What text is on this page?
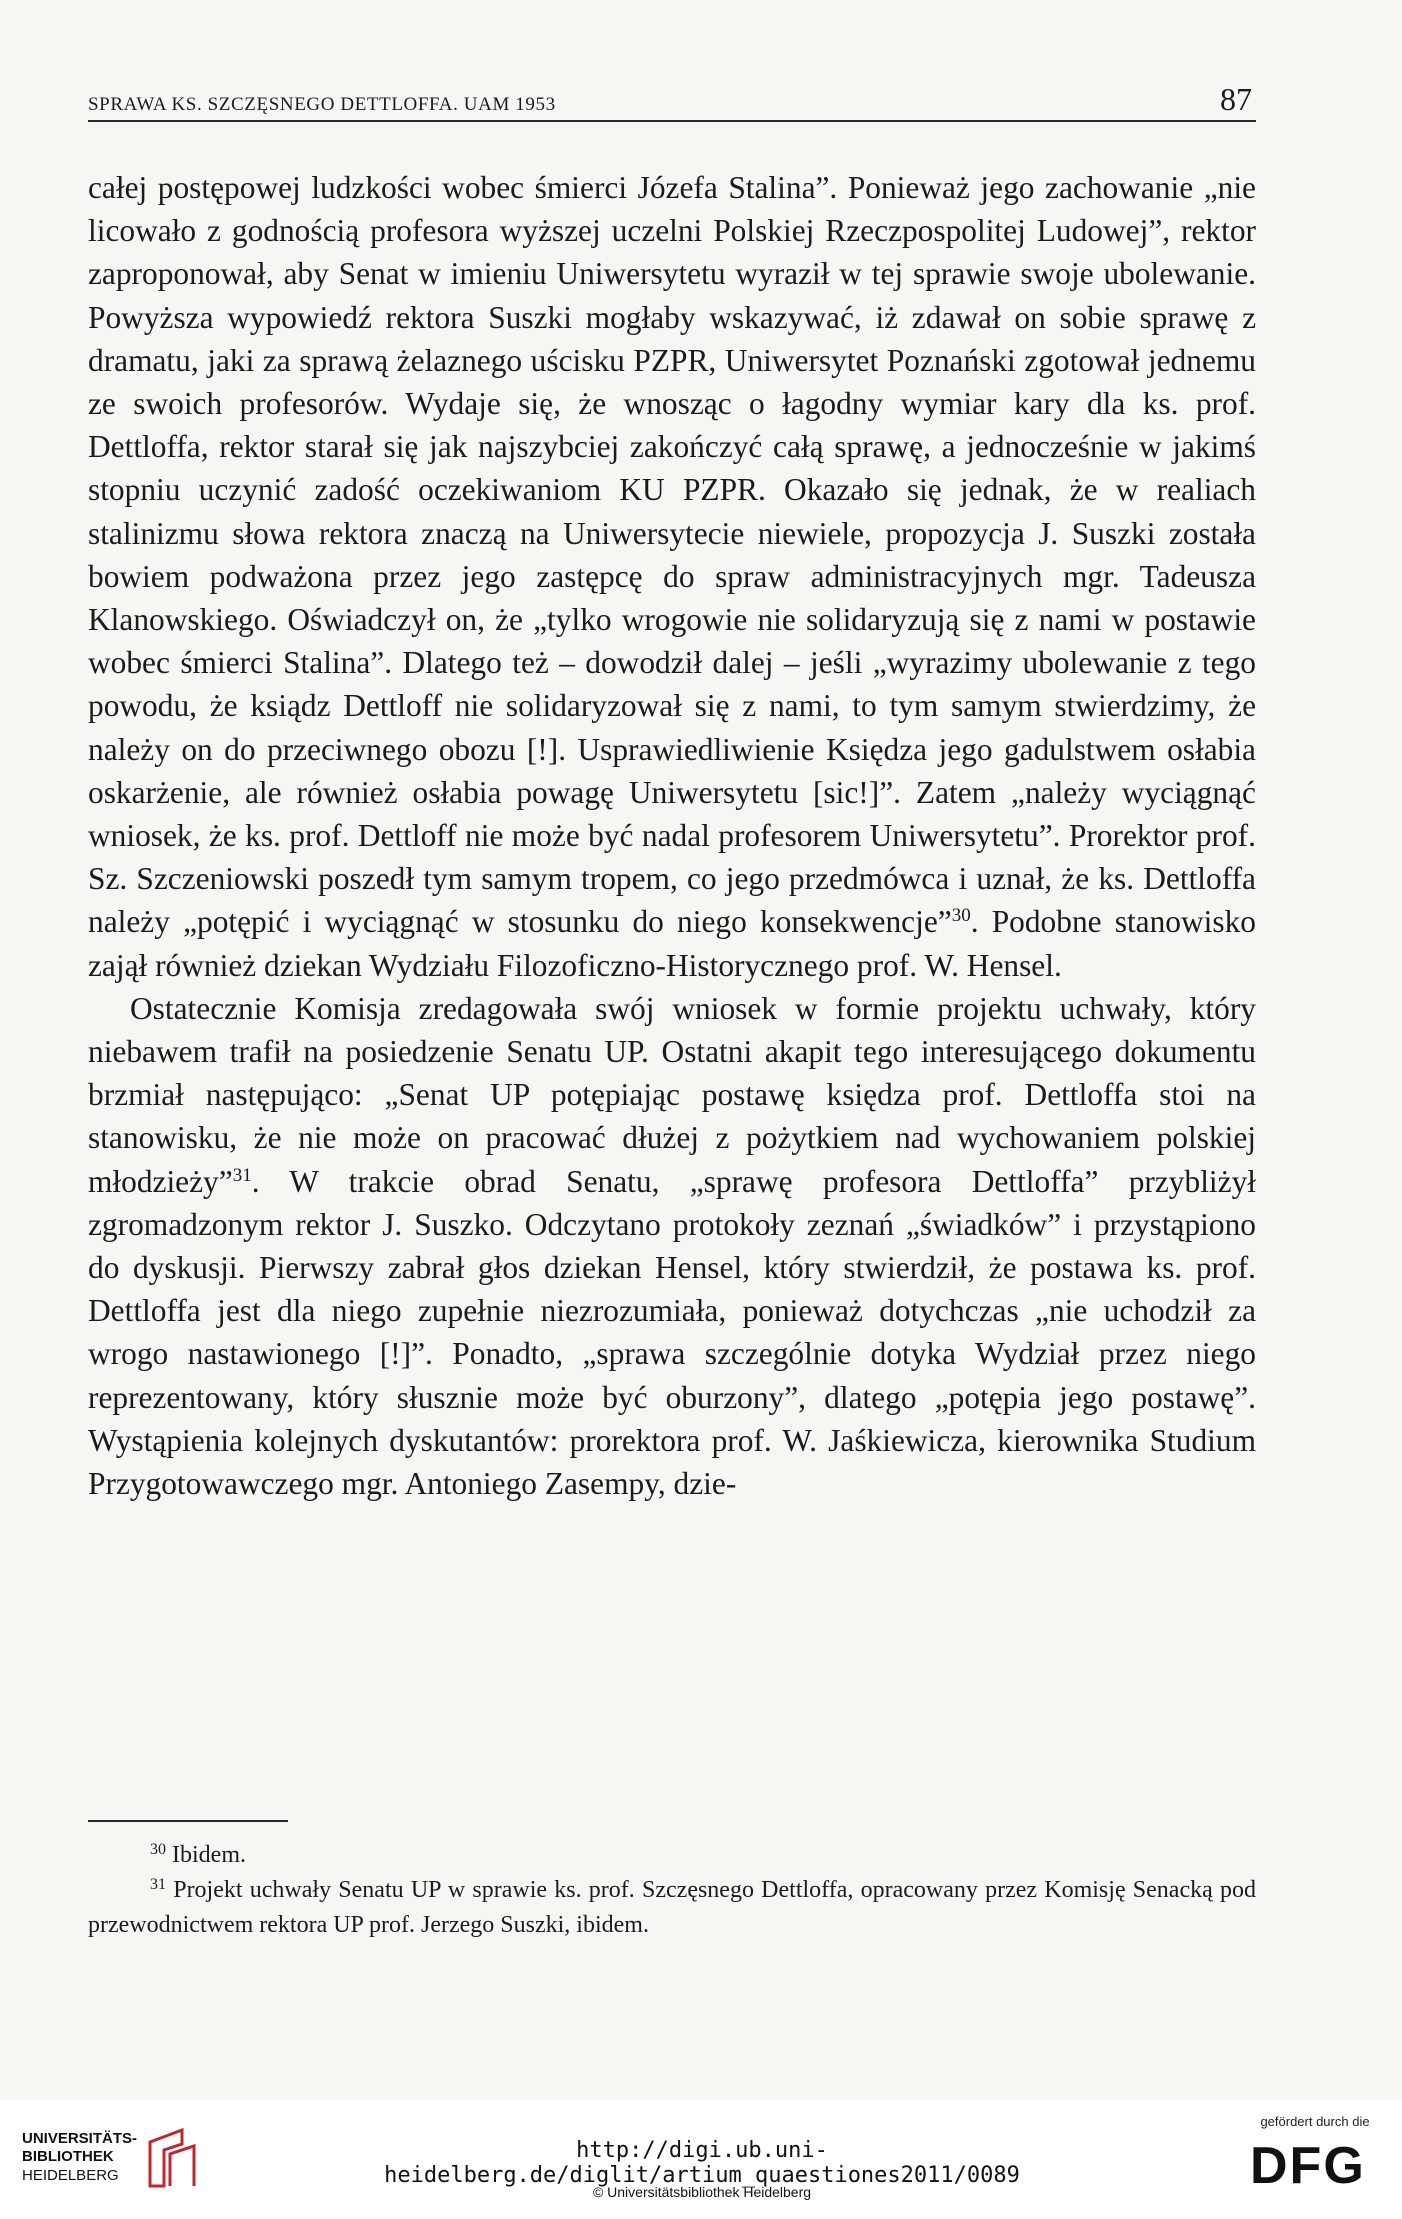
SPRAWA KS. SZCZĘSNEGO DETTLOFFA. UAM 1953	87

całej postępowej ludzkości wobec śmierci Józefa Stalina”. Ponieważ jego zachowanie „nie licowało z godnością profesora wyższej uczelni Polskiej Rzeczpospolitej Ludowej”, rektor zaproponował, aby Senat w imieniu Uniwersytetu wyraził w tej sprawie swoje ubolewanie. Powyższa wypowiedź rektora Suszki mogłaby wskazywać, iż zdawał on sobie sprawę z dramatu, jaki za sprawą żelaznego uścisku PZPR, Uniwersytet Poznański zgotował jednemu ze swoich profesorów. Wydaje się, że wnosząc o łagodny wymiar kary dla ks. prof. Dettloffa, rektor starał się jak najszybciej zakończyć całą sprawę, a jednocześnie w jakimś stopniu uczynić zadość oczekiwaniom KU PZPR. Okazało się jednak, że w realiach stalinizmu słowa rektora znaczą na Uniwersytecie niewiele, propozycja J. Suszki została bowiem podważona przez jego zastępcę do spraw administracyjnych mgr. Tadeusza Klanowskiego. Oświadczył on, że „tylko wrogowie nie solidaryzują się z nami w postawie wobec śmierci Stalina”. Dlatego też – dowodził dalej – jeśli „wyrazimy ubolewanie z tego powodu, że ksiądz Dettloff nie solidaryzował się z nami, to tym samym stwierdzimy, że należy on do przeciwnego obozu [!]. Usprawiedliwienie Księdza jego gadulstwem osłabia oskarżenie, ale również osłabia powagę Uniwersytetu [sic!]”. Zatem „należy wyciągnąć wniosek, że ks. prof. Dettloff nie może być nadal profesorem Uniwersytetu”. Prorektor prof. Sz. Szczeniowski poszedł tym samym tropem, co jego przedmówca i uznał, że ks. Dettloffa należy „potępić i wyciągnąć w stosunku do niego konsekwencje”$^{30}$. Podobne stanowisko zajął również dziekan Wydziału Filozoficzno-Historycznego prof. W. Hensel.

Ostatecznie Komisja zredagowała swój wniosek w formie projektu uchwały, który niebawem trafił na posiedzenie Senatu UP. Ostatni akapit tego interesującego dokumentu brzmiał następująco: „Senat UP potępiając postawę księdza prof. Dettloffa stoi na stanowisku, że nie może on pracować dłużej z pożytkiem nad wychowaniem polskiej młodzieży”$^{31}$. W trakcie obrad Senatu, „sprawę profesora Dettloffa” przybliżył zgromadzonym rektor J. Suszko. Odczytano protokoły zeznań „świadków” i przystąpiono do dyskusji. Pierwszy zabrał głos dziekan Hensel, który stwierdził, że postawa ks. prof. Dettloffa jest dla niego zupełnie niezrozumiała, ponieważ dotychczas „nie uchodził za wrogo nastawionego [!]”. Ponadto, „sprawa szczególnie dotyka Wydział przez niego reprezentowany, który słusznie może być oburzony”, dlatego „potępia jego postawę”. Wystąpienia kolejnych dyskutantów: prorektora prof. W. Jaśkiewicza, kierownika Studium Przygotowawczego mgr. Antoniego Zasempy, dzie-

$^{30}$ Ibidem.

$^{31}$ Projekt uchwały Senatu UP w sprawie ks. prof. Szczęsnego Dettloffa, opracowany przez Komisję Senacką pod przewodnictwem rektora UP prof. Jerzego Suszki, ibidem.

UNIVERSITÄTS-
BIBLIOTHEK
HEIDELBERG
http://digi.ub.uni-heidelberg.de/diglit/artium_quaestiones2011/0089
© Universitätsbibliothek Heidelberg
gefördert durch die
DFG
